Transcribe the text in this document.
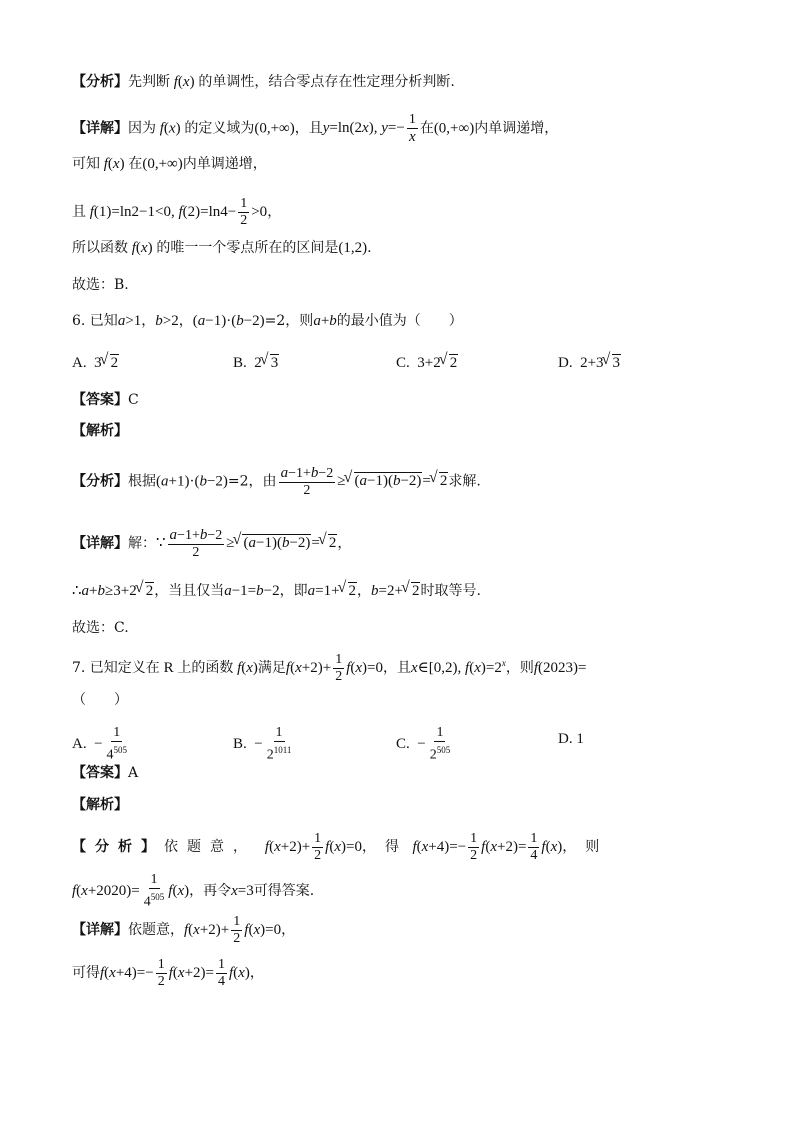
【分析】先判断 f(x) 的单调性，结合零点存在性定理分析判断.
【详解】因为 f(x) 的定义域为(0,+∞)，且y=ln(2x), $y=- \frac{1}{x}$ 在(0,+∞)内单调递增，
可知 f(x) 在(0,+∞)内单调递增，
且 f(1)=ln2−1<0, $f(2)=\ln 4- \frac{1}{2} >0$，
所以函数 f(x) 的唯一一个零点所在的区间是(1,2).
故选：B.
6. 已知a>1，b>2，(a−1)·(b−2)=2，则a+b的最小值为（　　）
A.  3 √ 2	B.  2 √ 3	C.  3+2 √ 2	D.  2+3 √ 3
【答案】C
【解析】
【分析】根据(a+1)·(b−2)=2，由 $\frac{a-1+b-2}{2}$ ≥ √ (a−1)(b−2)= √ 2求解.
【详解】解：∵ $\frac{a-1+b-2}{2}$ ≥ √ (a−1)(b−2)= √ 2，
∴a+b≥3+2 √ 2，当且仅当a−1=b−2，即a=1+ √ 2，b=2+ √ 2时取等号.
故选：C.
7. 已知定义在 R 上的函数 f(x)满足$f(x+2)+ \frac{1}{2} f(x)=0$，且x∈[0,2), $f(x)=2^x$，则f(2023)=
（　　）
A.  − $\frac{1}{4^{505}}$	B.  − $\frac{1}{2^{1011}}$	C.  − $\frac{1}{2^{505}}$	D. 1
【答案】A
【解析】
【分析】依题意， $f(x+2)+ \frac{1}{2} f(x)=0$，得 $f(x+4)=- \frac{1}{2} f(x+2)= \frac{1}{4} f(x)$，则
$f(x+2020)= \frac{1}{4^{505}} f(x)$，再令x=3可得答案.
【详解】依题意，$f(x+2)+ \frac{1}{2} f(x)=0$，
可得$f(x+4)=- \frac{1}{2} f(x+2)= \frac{1}{4} f(x)$，
